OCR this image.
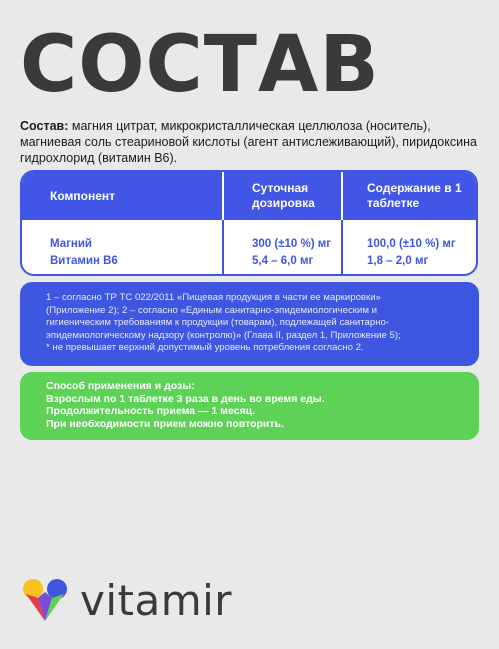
СОСТАВ
Состав: магния цитрат, микрокристаллическая целлюлоза (носитель), магниевая соль стеариновой кислоты (агент антислеживающий), пиридоксина гидрохлорид (витамин В6).
Компонент
Суточная дозировка
Содержание в 1 таблетке
Магний
Витамин В6
300 (±10 %) мг
5,4 – 6,0 мг
100,0 (±10 %) мг
1,8 – 2,0 мг
1 – согласно ТР ТС 022/2011 «Пищевая продукция в части ее маркировки»
(Приложение 2); 2 – согласно «Единым санитарно-эпидемиологическим и
гигиеническим требованиям к продукции (товарам), подлежащей санитарно-
эпидемиологическому надзору (контролю)» (Глава II, раздел 1, Приложение 5);
* не превышает верхний допустимый уровень потребления согласно 2.
Способ применения и дозы:
Взрослым по 1 таблетке 3 раза в день во время еды.
Продолжительность приема — 1 месяц.
При необходимости прием можно повторить.
vitamir
